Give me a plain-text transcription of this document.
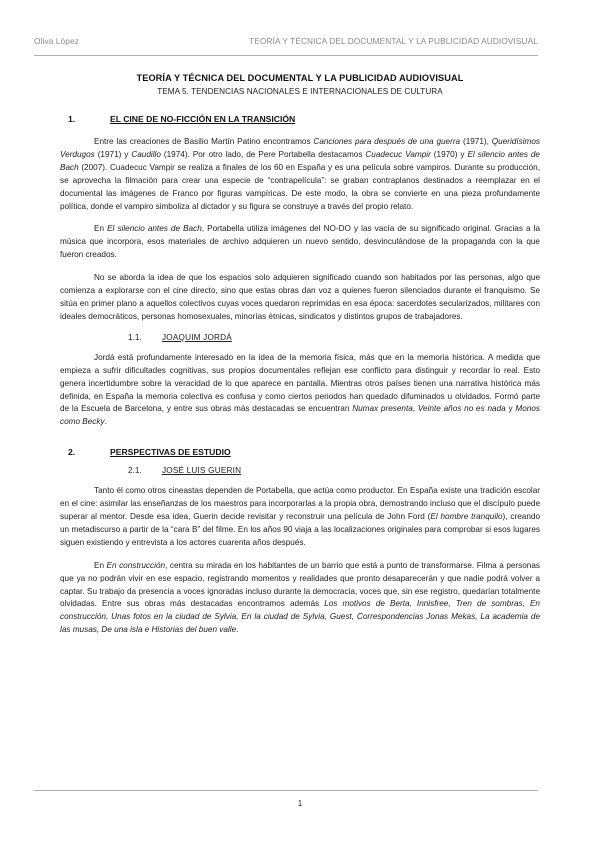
Oliva López	TEORÍA Y TÉCNICA DEL DOCUMENTAL Y LA PUBLICIDAD AUDIOVISUAL
TEORÍA Y TÉCNICA DEL DOCUMENTAL Y LA PUBLICIDAD AUDIOVISUAL
TEMA 5. TENDENCIAS NACIONALES E INTERNACIONALES DE CULTURA
1.	EL CINE DE NO-FICCIÓN EN LA TRANSICIÓN

Entre las creaciones de Basilio Martín Patino encontramos Canciones para después de una guerra (1971), Queridísimos Verdugos (1971) y Caudillo (1974). Por otro lado, de Pere Portabella destacamos Cuadecuc Vampir (1970) y El silencio antes de Bach (2007). Cuadecuc Vampir se realiza a finales de los 60 en España y es una película sobre vampiros. Durante su producción, se aprovecha la filmación para crear una especie de “contrapelícula”: se graban contraplanos destinados a reemplazar en el documental las imágenes de Franco por figuras vampíricas. De este modo, la obra se convierte en una pieza profundamente política, donde el vampiro simboliza al dictador y su figura se construye a través del propio relato.

En El silencio antes de Bach, Portabella utiliza imágenes del NO-DO y las vacía de su significado original. Gracias a la música que incorpora, esos materiales de archivo adquieren un nuevo sentido, desvinculándose de la propaganda con la que fueron creados.

No se aborda la idea de que los espacios solo adquieren significado cuando son habitados por las personas, algo que comienza a explorarse con el cine directo, sino que estas obras dan voz a quienes fueron silenciados durante el franquismo. Se sitúa en primer plano a aquellos colectivos cuyas voces quedaron reprimidas en esa época: sacerdotes secularizados, militares con ideales democráticos, personas homosexuales, minorías étnicas, sindicatos y distintos grupos de trabajadores.

1.1.	JOAQUIM JORDÁ

Jordá está profundamente interesado en la idea de la memoria física, más que en la memoria histórica. A medida que empieza a sufrir dificultades cognitivas, sus propios documentales reflejan ese conflicto para distinguir y recordar lo real. Esto genera incertidumbre sobre la veracidad de lo que aparece en pantalla. Mientras otros países tienen una narrativa histórica más definida, en España la memoria colectiva es confusa y como ciertos periodos han quedado difuminados u olvidados. Formó parte de la Escuela de Barcelona, y entre sus obras más destacadas se encuentran Numax presenta, Veinte años no es nada y Monos como Becky.

2.	PERSPECTIVAS DE ESTUDIO
2.1.	JOSÉ LUIS GUERIN

Tanto él como otros cineastas dependen de Portabella, que actúa como productor. En España existe una tradición escolar en el cine: asimilar las enseñanzas de los maestros para incorporarlas a la propia obra, demostrando incluso que el discípulo puede superar al mentor. Desde esa idea, Guerin decide revisitar y reconstruir una película de John Ford (El hombre tranquilo), creando un metadiscurso a partir de la “cara B” del filme. En los años 90 viaja a las localizaciones originales para comprobar si esos lugares siguen existiendo y entrevista a los actores cuarenta años después.

En En construcción, centra su mirada en los habitantes de un barrio que está a punto de transformarse. Filma a personas que ya no podrán vivir en ese espacio, registrando momentos y realidades que pronto desaparecerán y que nadie podrá volver a captar. Su trabajo da presencia a voces ignoradas incluso durante la democracia, voces que, sin ese registro, quedarían totalmente olvidadas. Entre sus obras más destacadas encontramos además Los motivos de Berta, Innisfree, Tren de sombras, En construcción, Unas fotos en la ciudad de Sylvia, En la ciudad de Sylvia, Guest, Correspondencias Jonas Mekas, La academia de las musas, De una isla e Historias del buen valle.

1
